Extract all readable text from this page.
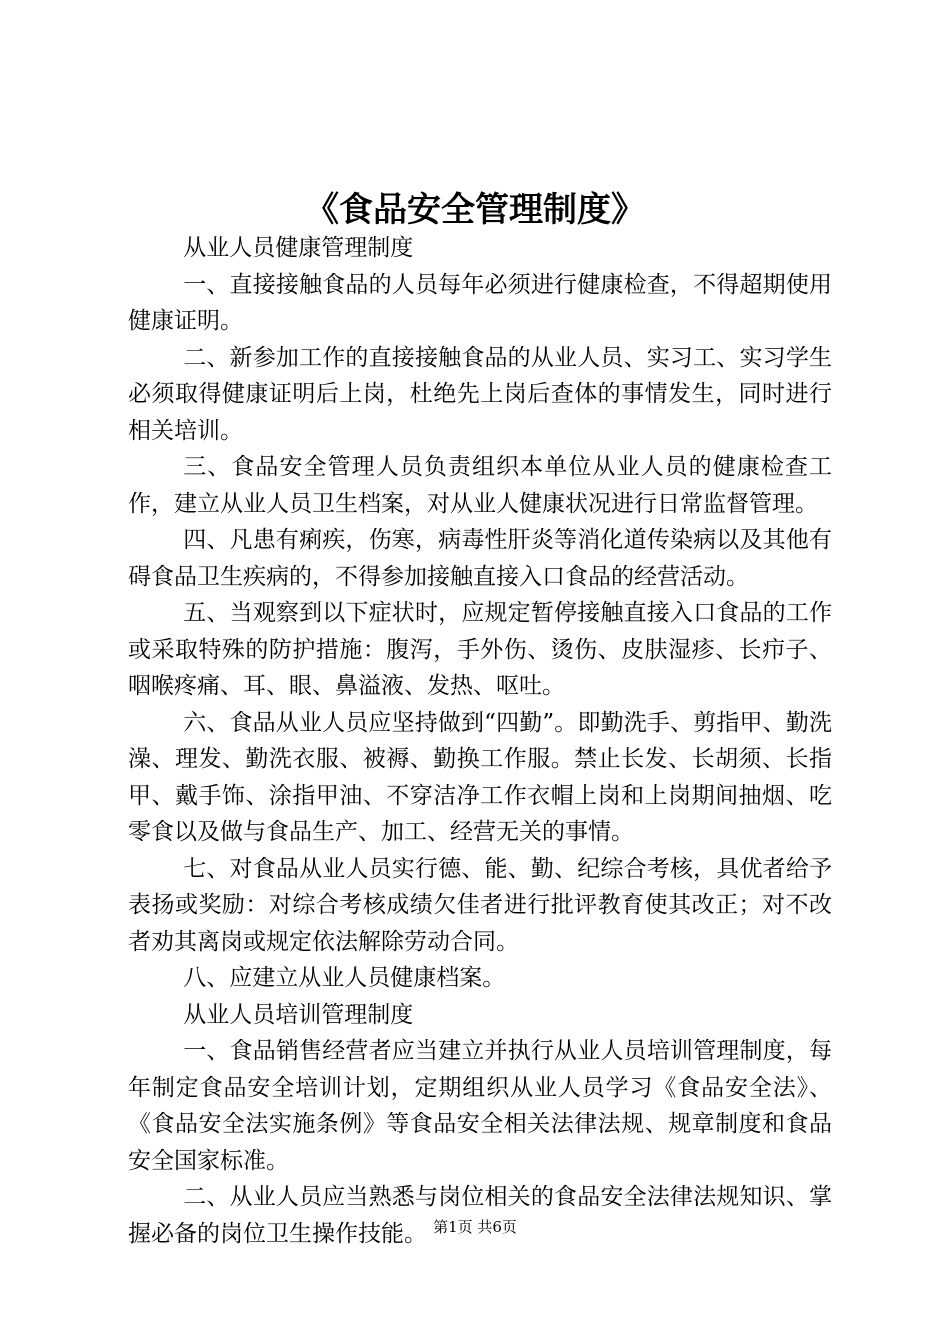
《食品安全管理制度》

从业人员健康管理制度

一、直接接触食品的人员每年必须进行健康检查，不得超期使用健康证明。

二、新参加工作的直接接触食品的从业人员、实习工、实习学生必须取得健康证明后上岗，杜绝先上岗后查体的事情发生，同时进行相关培训。

三、食品安全管理人员负责组织本单位从业人员的健康检查工作，建立从业人员卫生档案，对从业人健康状况进行日常监督管理。

四、凡患有痢疾，伤寒，病毒性肝炎等消化道传染病以及其他有碍食品卫生疾病的，不得参加接触直接入口食品的经营活动。

五、当观察到以下症状时，应规定暂停接触直接入口食品的工作或采取特殊的防护措施：腹泻，手外伤、烫伤、皮肤湿疹、长疖子、咽喉疼痛、耳、眼、鼻溢液、发热、呕吐。

六、食品从业人员应坚持做到“四勤”。即勤洗手、剪指甲、勤洗澡、理发、勤洗衣服、被褥、勤换工作服。禁止长发、长胡须、长指甲、戴手饰、涂指甲油、不穿洁净工作衣帽上岗和上岗期间抽烟、吃零食以及做与食品生产、加工、经营无关的事情。

七、对食品从业人员实行德、能、勤、纪综合考核，具优者给予表扬或奖励：对综合考核成绩欠佳者进行批评教育使其改正；对不改者劝其离岗或规定依法解除劳动合同。

八、应建立从业人员健康档案。

从业人员培训管理制度

一、食品销售经营者应当建立并执行从业人员培训管理制度，每年制定食品安全培训计划，定期组织从业人员学习《食品安全法》、《食品安全法实施条例》等食品安全相关法律法规、规章制度和食品安全国家标准。

二、从业人员应当熟悉与岗位相关的食品安全法律法规知识、掌握必备的岗位卫生操作技能。 第1页 共6页
